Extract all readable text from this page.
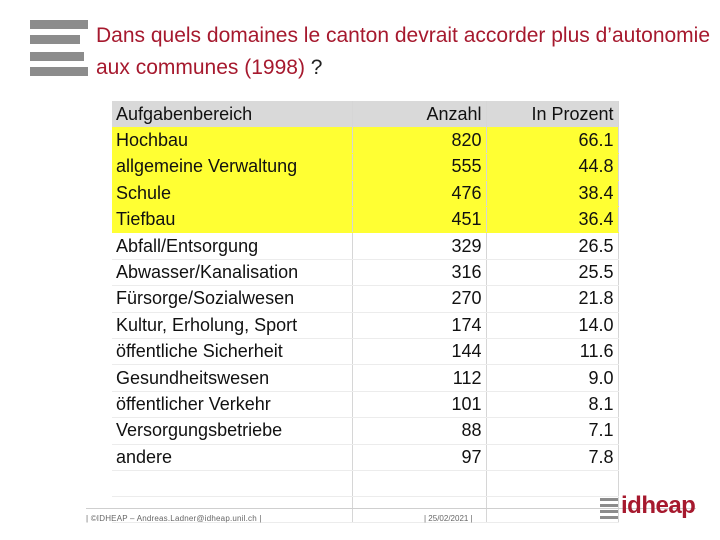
Dans quels domaines le canton devrait accorder plus d’autonomie aux communes (1998) ?
Aufgabenbereich	Anzahl	In Prozent
Hochbau	820	66.1
allgemeine Verwaltung	555	44.8
Schule	476	38.4
Tiefbau	451	36.4
Abfall/Entsorgung	329	26.5
Abwasser/Kanalisation	316	25.5
Fürsorge/Sozialwesen	270	21.8
Kultur, Erholung, Sport	174	14.0
öffentliche Sicherheit	144	11.6
Gesundheitswesen	112	9.0
öffentlicher Verkehr	101	8.1
Versorgungsbetriebe	88	7.1
andere	97	7.8

| ©IDHEAP – Andreas.Ladner@idheap.unil.ch |	| 25/02/2021 |	idheap
